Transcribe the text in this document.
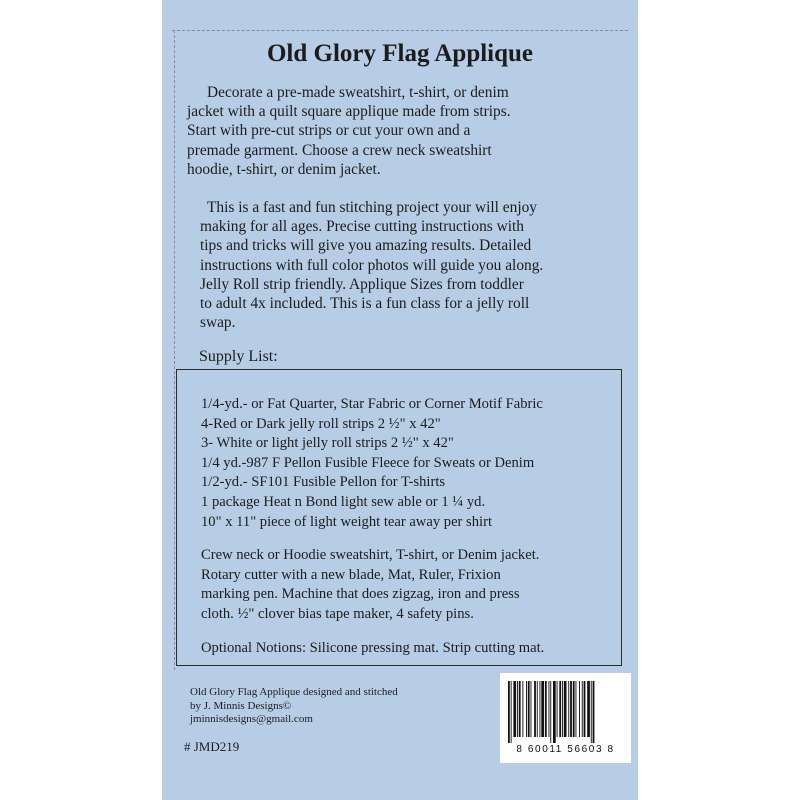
Old Glory Flag Applique

Decorate a pre-made sweatshirt, t-shirt, or denim
jacket with a quilt square applique made from strips.
Start with pre-cut strips or cut your own and a
premade garment. Choose a crew neck sweatshirt
hoodie, t-shirt, or denim jacket.

This is a fast and fun stitching project your will enjoy
making for all ages. Precise cutting instructions with
tips and tricks will give you amazing results. Detailed
instructions with full color photos will guide you along.
Jelly Roll strip friendly. Applique Sizes from toddler
to adult 4x included. This is a fun class for a jelly roll
swap.

Supply List:

1/4-yd.- or Fat Quarter, Star Fabric or Corner Motif Fabric
4-Red or Dark jelly roll strips 2 ½" x 42"
3- White or light jelly roll strips 2 ½" x 42"
1/4 yd.-987 F Pellon Fusible Fleece for Sweats or Denim
1/2-yd.- SF101 Fusible Pellon for T-shirts
1 package Heat n Bond light sew able or 1 ¼ yd.
10" x 11" piece of light weight tear away per shirt

Crew neck or Hoodie sweatshirt, T-shirt, or Denim jacket.
Rotary cutter with a new blade, Mat, Ruler, Frixion
marking pen. Machine that does zigzag, iron and press
cloth. ½" clover bias tape maker, 4 safety pins.

Optional Notions: Silicone pressing mat. Strip cutting mat.

Old Glory Flag Applique designed and stitched
by J. Minnis Designs©
jminnisdesigns@gmail.com

# JMD219	8 60011 56603 8
